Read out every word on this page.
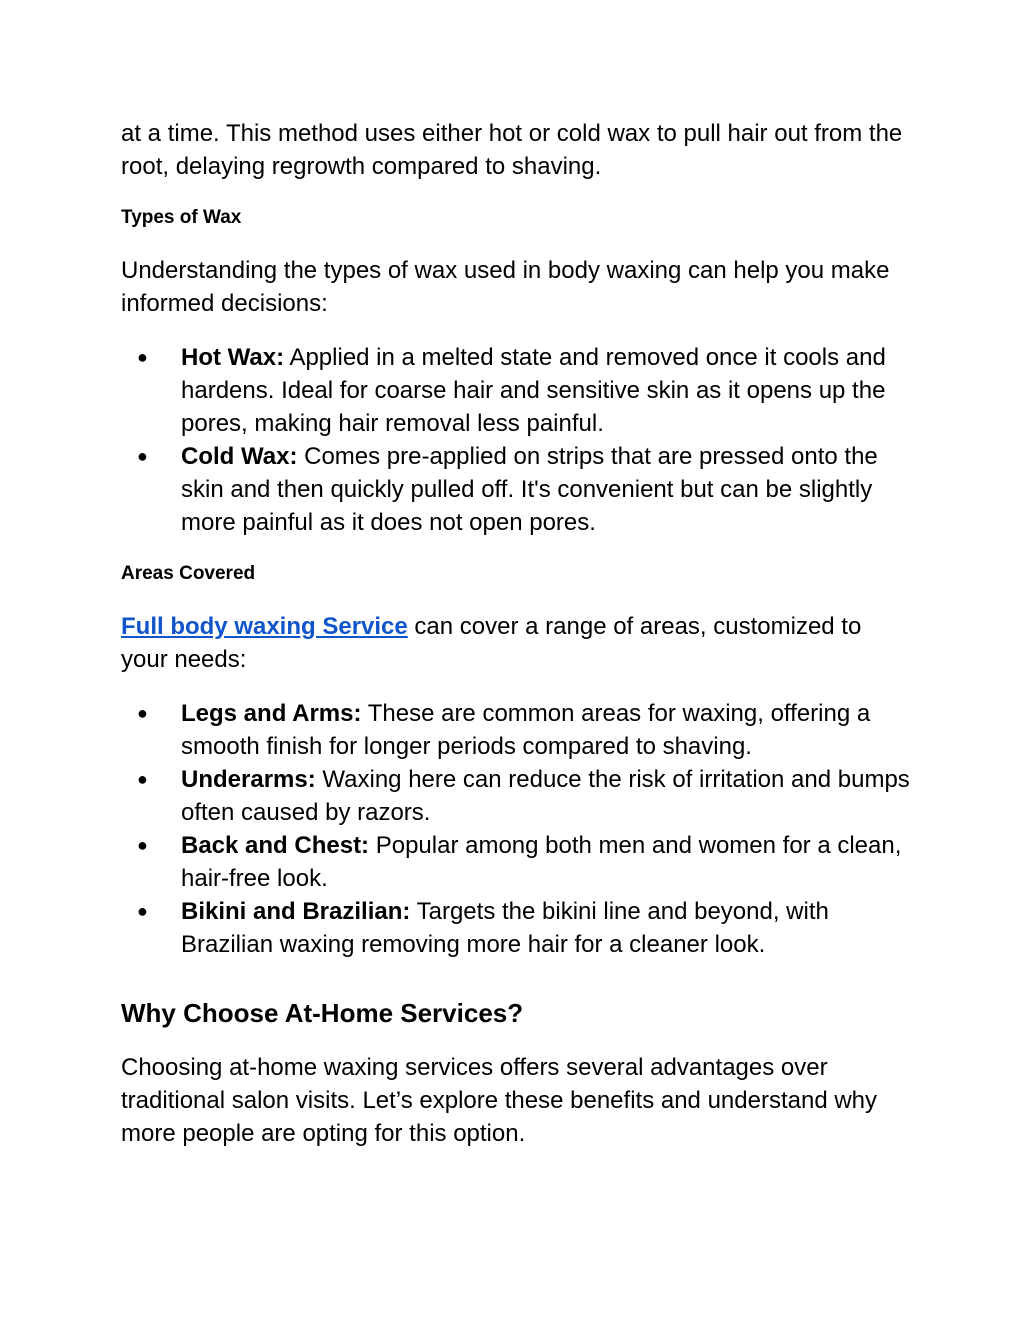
at a time. This method uses either hot or cold wax to pull hair out from the root, delaying regrowth compared to shaving.

Types of Wax

Understanding the types of wax used in body waxing can help you make informed decisions:

● Hot Wax: Applied in a melted state and removed once it cools and hardens. Ideal for coarse hair and sensitive skin as it opens up the pores, making hair removal less painful.
● Cold Wax: Comes pre-applied on strips that are pressed onto the skin and then quickly pulled off. It's convenient but can be slightly more painful as it does not open pores.
Areas Covered

Full body waxing Service can cover a range of areas, customized to your needs:

● Legs and Arms: These are common areas for waxing, offering a smooth finish for longer periods compared to shaving.
● Underarms: Waxing here can reduce the risk of irritation and bumps often caused by razors.
● Back and Chest: Popular among both men and women for a clean, hair-free look.
● Bikini and Brazilian: Targets the bikini line and beyond, with Brazilian waxing removing more hair for a cleaner look.
Why Choose At-Home Services?

Choosing at-home waxing services offers several advantages over traditional salon visits. Let’s explore these benefits and understand why more people are opting for this option.
